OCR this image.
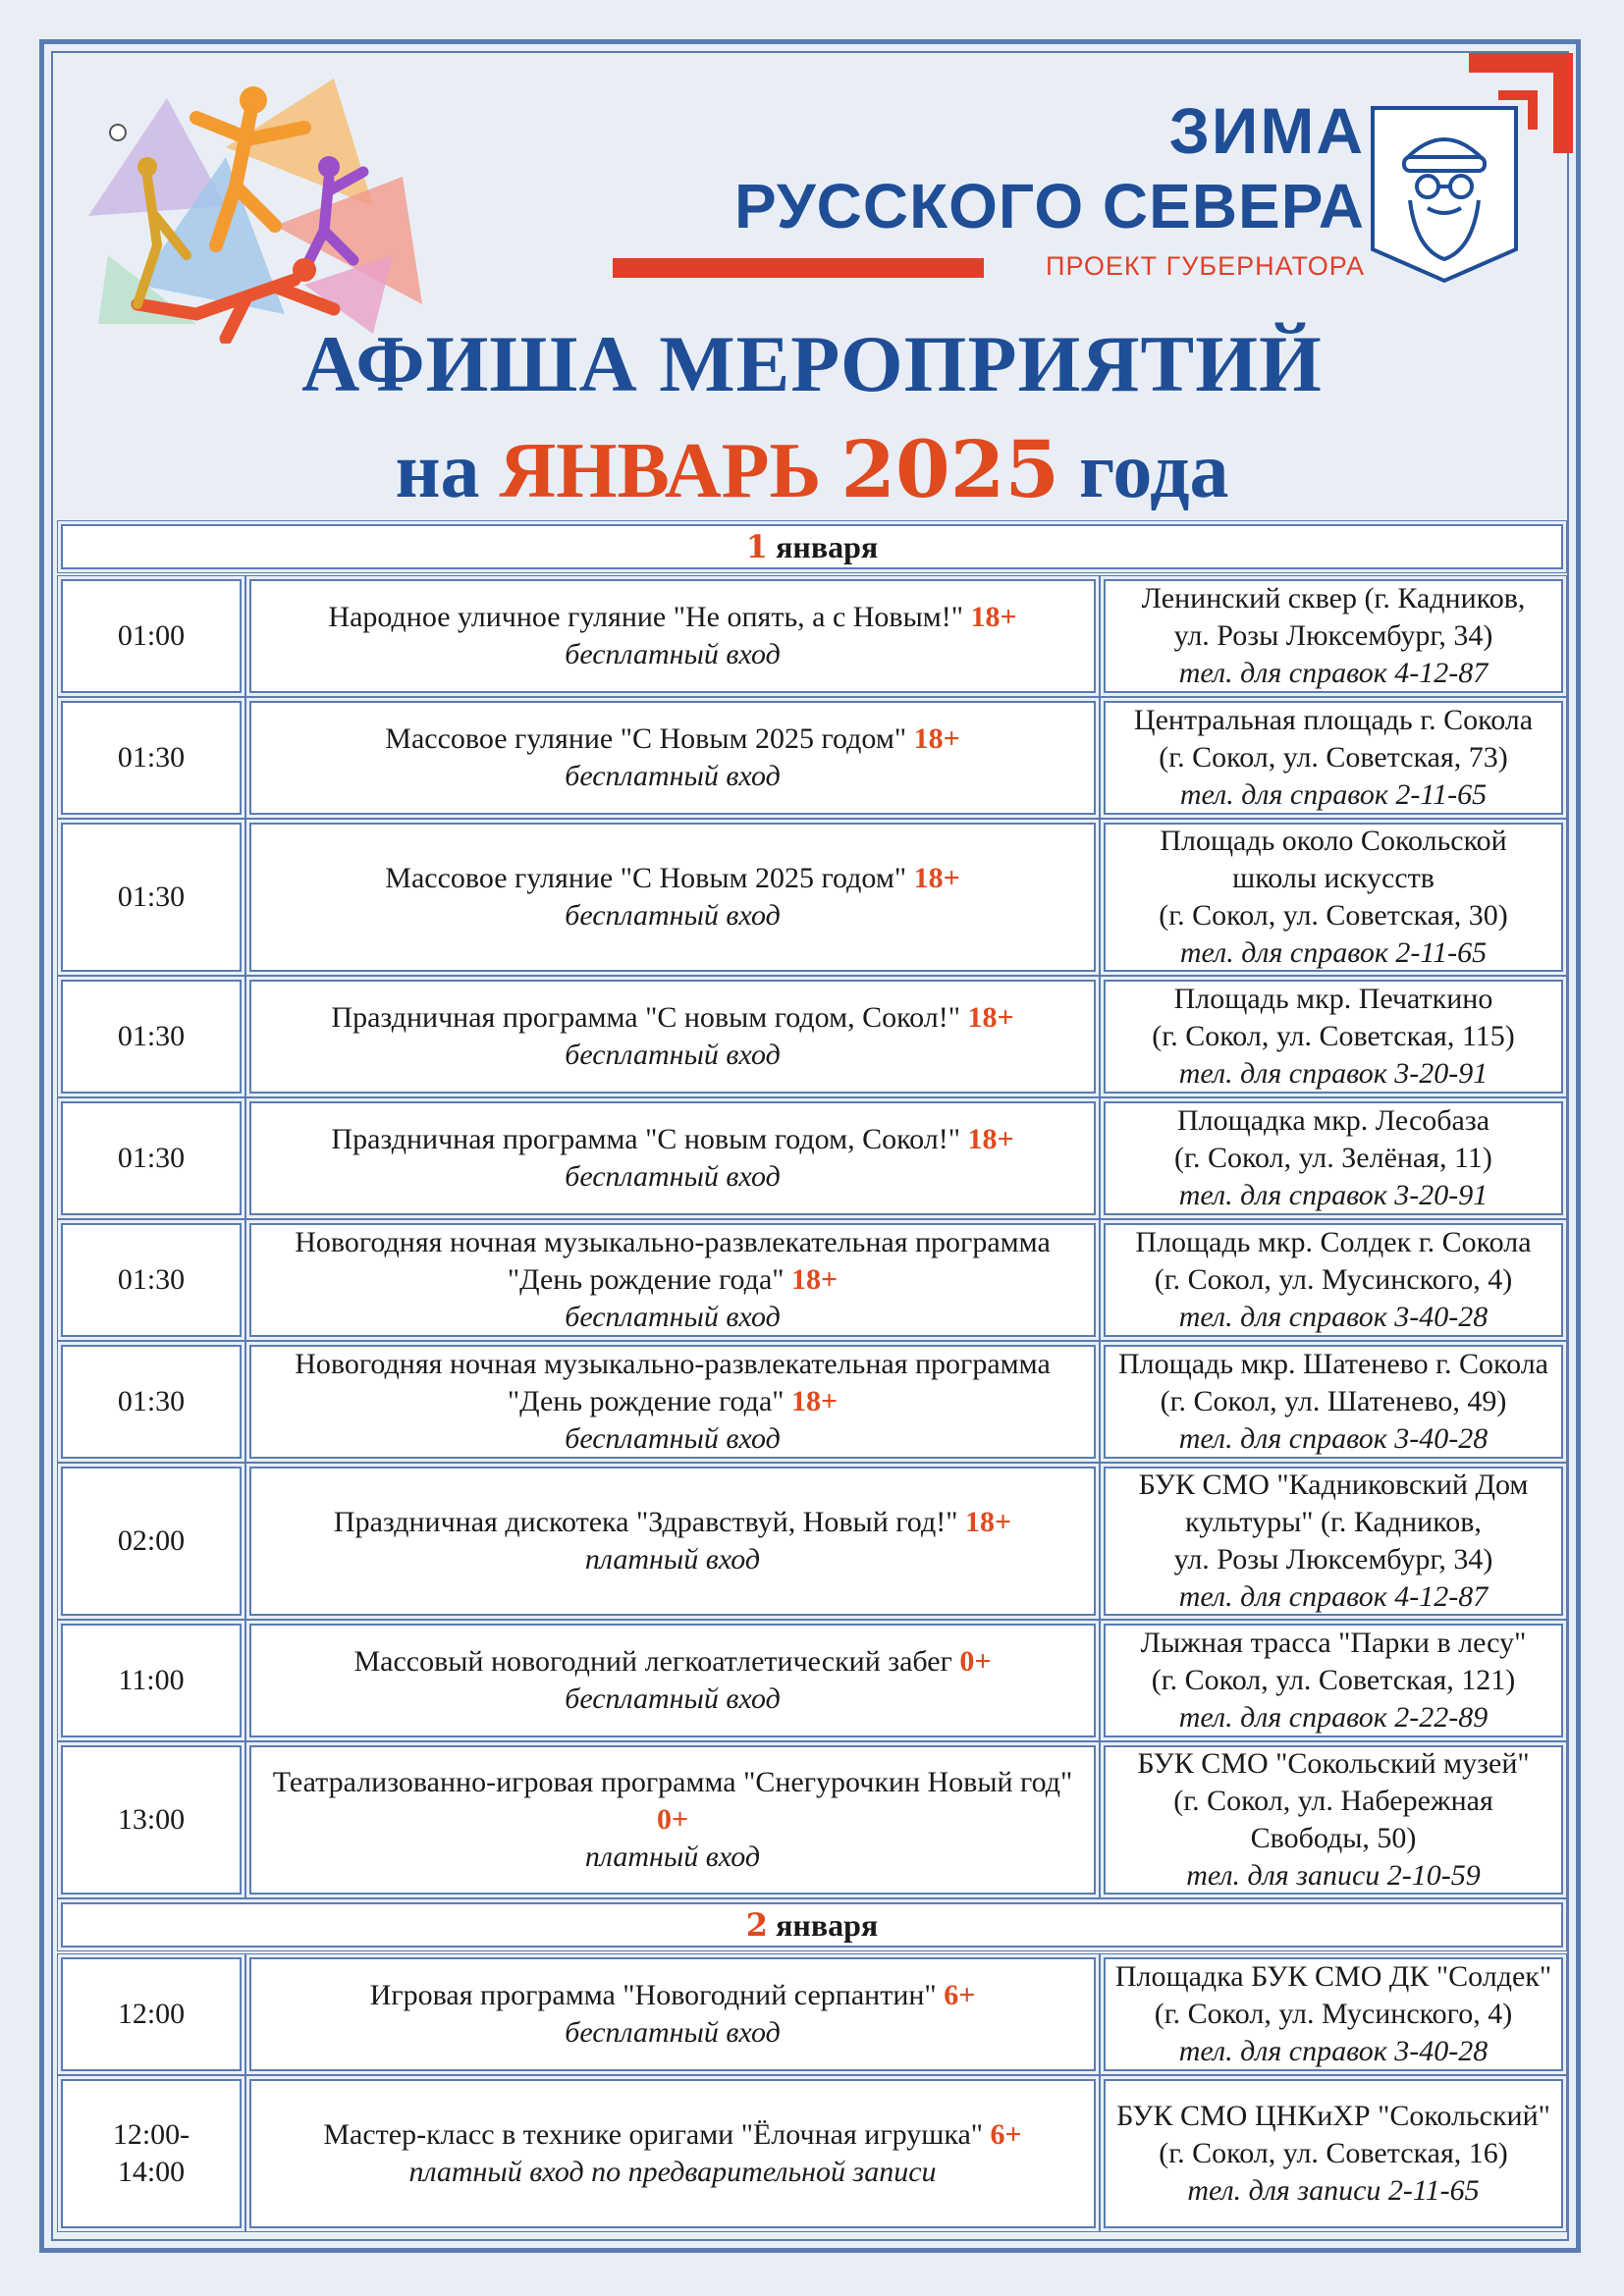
ЗИМА
РУССКОГО СЕВЕРА
ПРОЕКТ ГУБЕРНАТОРА
АФИША МЕРОПРИЯТИЙ
на ЯНВАРЬ 2025 года
1 января
01:00
Народное уличное гуляние "Не опять, а с Новым!" 18+
бесплатный вход
Ленинский сквер (г. Кадников,
ул. Розы Люксембург, 34)
тел. для справок 4-12-87
01:30
Массовое гуляние "С Новым 2025 годом" 18+
бесплатный вход
Центральная площадь г. Сокола
(г. Сокол, ул. Советская, 73)
тел. для справок 2-11-65
01:30
Массовое гуляние "С Новым 2025 годом" 18+
бесплатный вход
Площадь около Сокольской
школы искусств
(г. Сокол, ул. Советская, 30)
тел. для справок 2-11-65
01:30
Праздничная программа "С новым годом, Сокол!" 18+
бесплатный вход
Площадь мкр. Печаткино
(г. Сокол, ул. Советская, 115)
тел. для справок 3-20-91
01:30
Праздничная программа "С новым годом, Сокол!" 18+
бесплатный вход
Площадка мкр. Лесобаза
(г. Сокол, ул. Зелёная, 11)
тел. для справок 3-20-91
01:30
Новогодняя ночная музыкально-развлекательная программа "День рождение года" 18+
бесплатный вход
Площадь мкр. Солдек г. Сокола
(г. Сокол, ул. Мусинского, 4)
тел. для справок 3-40-28
01:30
Новогодняя ночная музыкально-развлекательная программа "День рождение года" 18+
бесплатный вход
Площадь мкр. Шатенево г. Сокола
(г. Сокол, ул. Шатенево, 49)
тел. для справок 3-40-28
02:00
Праздничная дискотека "Здравствуй, Новый год!" 18+
платный вход
БУК СМО "Кадниковский Дом
культуры" (г. Кадников,
ул. Розы Люксембург, 34)
тел. для справок 4-12-87
11:00
Массовый новогодний легкоатлетический забег 0+
бесплатный вход
Лыжная трасса "Парки в лесу"
(г. Сокол, ул. Советская, 121)
тел. для справок 2-22-89
13:00
Театрализованно-игровая программа "Снегурочкин Новый год" 0+
платный вход
БУК СМО "Сокольский музей"
(г. Сокол, ул. Набережная
Свободы, 50)
тел. для записи 2-10-59
2 января
12:00
Игровая программа "Новогодний серпантин" 6+
бесплатный вход
Площадка БУК СМО ДК "Солдек"
(г. Сокол, ул. Мусинского, 4)
тел. для справок 3-40-28
12:00-
14:00
Мастер-класс в технике оригами "Ёлочная игрушка" 6+
платный вход по предварительной записи
БУК СМО ЦНКиХР "Сокольский"
(г. Сокол, ул. Советская, 16)
тел. для записи 2-11-65
